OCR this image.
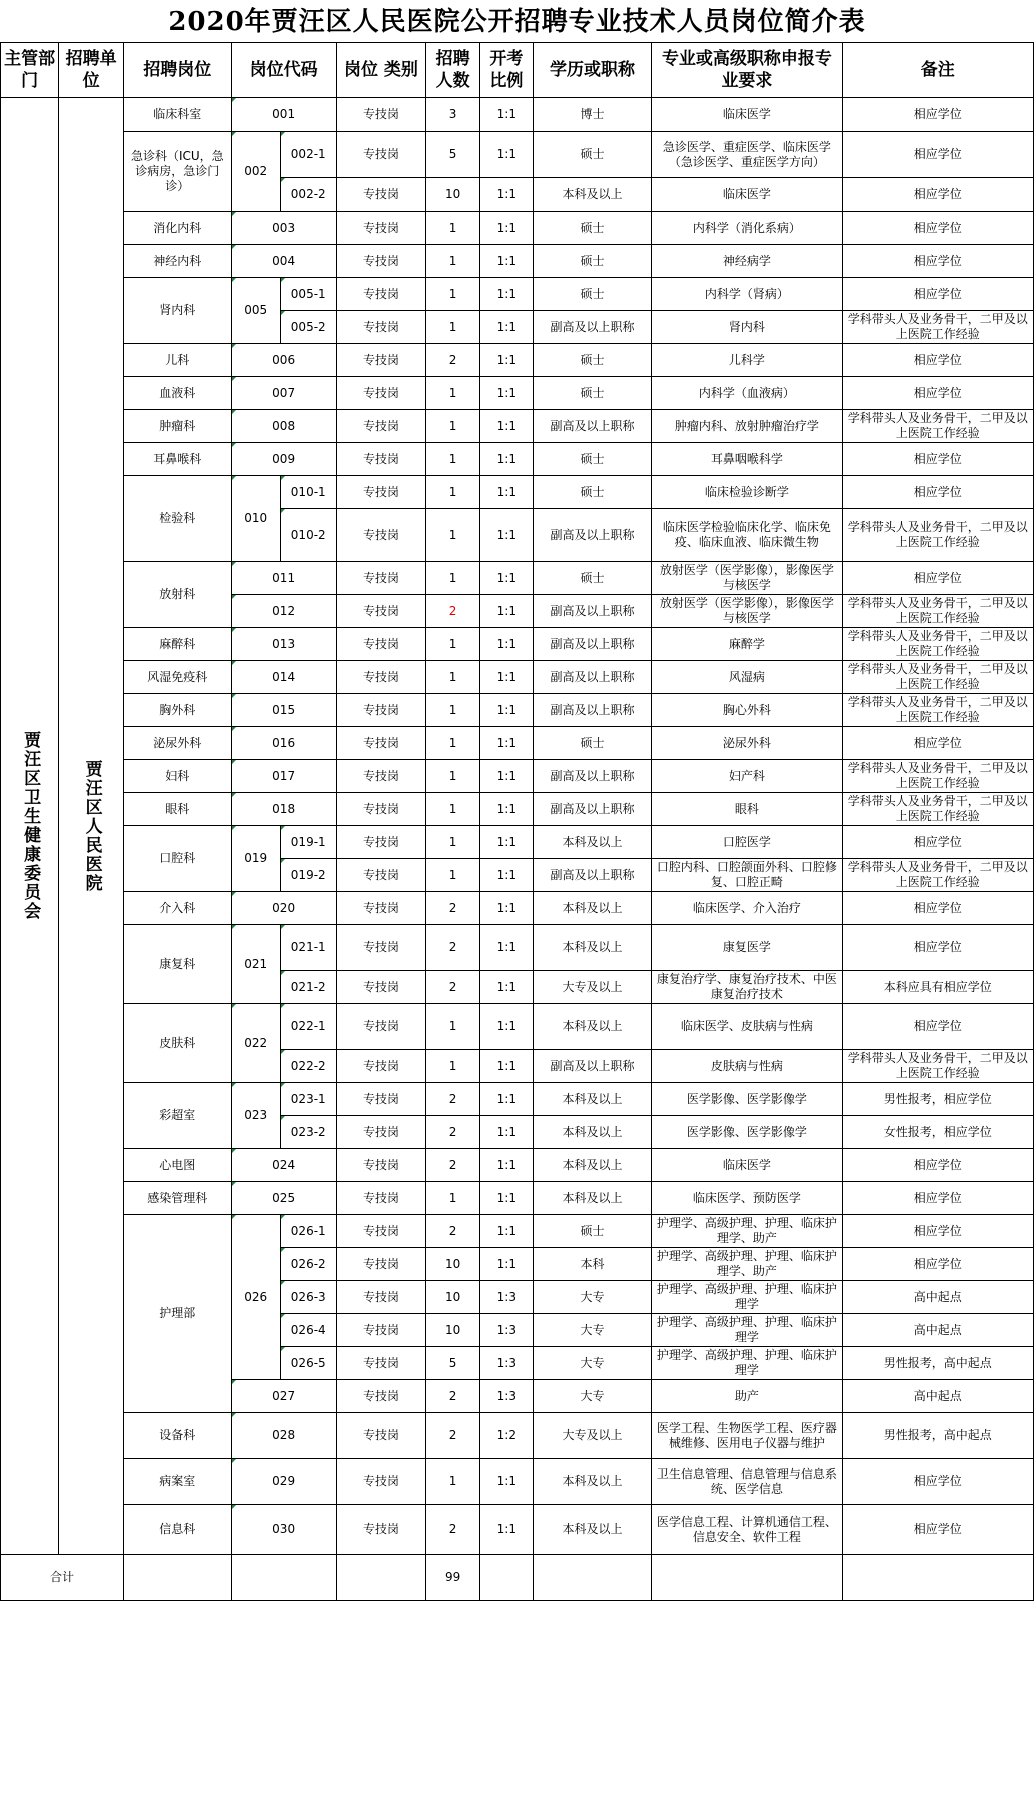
2020年贾汪区人民医院公开招聘专业技术人员岗位简介表
主管部门	招聘单位	招聘岗位	岗位代码		岗位 类别	招聘人数	开考比例	学历或职称	专业或高级职称申报专业要求	备注

贾汪区卫生健康委员会	贾汪区人民医院	临床科室	001		专技岗	3	1:1	博士	临床医学	相应学位
		急诊科（ICU，急诊病房，急诊门诊）	002	002-1	专技岗	5	1:1	硕士	急诊医学、重症医学、临床医学（急诊医学、重症医学方向）	相应学位
				002-2	专技岗	10	1:1	本科及以上	临床医学	相应学位
		消化内科	003		专技岗	1	1:1	硕士	内科学（消化系病）	相应学位
		神经内科	004		专技岗	1	1:1	硕士	神经病学	相应学位
		肾内科	005	005-1	专技岗	1	1:1	硕士	内科学（肾病）	相应学位
				005-2	专技岗	1	1:1	副高及以上职称	肾内科	学科带头人及业务骨干，二甲及以上医院工作经验
		儿科	006		专技岗	2	1:1	硕士	儿科学	相应学位
		血液科	007		专技岗	1	1:1	硕士	内科学（血液病）	相应学位
		肿瘤科	008		专技岗	1	1:1	副高及以上职称	肿瘤内科、放射肿瘤治疗学	学科带头人及业务骨干，二甲及以上医院工作经验
		耳鼻喉科	009		专技岗	1	1:1	硕士	耳鼻咽喉科学	相应学位
		检验科	010	010-1	专技岗	1	1:1	硕士	临床检验诊断学	相应学位
				010-2	专技岗	1	1:1	副高及以上职称	临床医学检验临床化学、临床免疫、临床血液、临床微生物	学科带头人及业务骨干，二甲及以上医院工作经验
		放射科	011		专技岗	1	1:1	硕士	放射医学（医学影像），影像医学与核医学	相应学位
			012		专技岗	2	1:1	副高及以上职称	放射医学（医学影像），影像医学与核医学	学科带头人及业务骨干，二甲及以上医院工作经验
		麻醉科	013		专技岗	1	1:1	副高及以上职称	麻醉学	学科带头人及业务骨干，二甲及以上医院工作经验
		风湿免疫科	014		专技岗	1	1:1	副高及以上职称	风湿病	学科带头人及业务骨干，二甲及以上医院工作经验
		胸外科	015		专技岗	1	1:1	副高及以上职称	胸心外科	学科带头人及业务骨干，二甲及以上医院工作经验
		泌尿外科	016		专技岗	1	1:1	硕士	泌尿外科	相应学位
		妇科	017		专技岗	1	1:1	副高及以上职称	妇产科	学科带头人及业务骨干，二甲及以上医院工作经验
		眼科	018		专技岗	1	1:1	副高及以上职称	眼科	学科带头人及业务骨干，二甲及以上医院工作经验
		口腔科	019	019-1	专技岗	1	1:1	本科及以上	口腔医学	相应学位
				019-2	专技岗	1	1:1	副高及以上职称	口腔内科、口腔颌面外科、口腔修复、口腔正畸	学科带头人及业务骨干，二甲及以上医院工作经验
		介入科	020		专技岗	2	1:1	本科及以上	临床医学、介入治疗	相应学位
		康复科	021	021-1	专技岗	2	1:1	本科及以上	康复医学	相应学位
				021-2	专技岗	2	1:1	大专及以上	康复治疗学、康复治疗技术、中医康复治疗技术	本科应具有相应学位
		皮肤科	022	022-1	专技岗	1	1:1	本科及以上	临床医学、皮肤病与性病	相应学位
				022-2	专技岗	1	1:1	副高及以上职称	皮肤病与性病	学科带头人及业务骨干，二甲及以上医院工作经验
		彩超室	023	023-1	专技岗	2	1:1	本科及以上	医学影像、医学影像学	男性报考，相应学位
				023-2	专技岗	2	1:1	本科及以上	医学影像、医学影像学	女性报考，相应学位
		心电图	024		专技岗	2	1:1	本科及以上	临床医学	相应学位
		感染管理科	025		专技岗	1	1:1	本科及以上	临床医学、预防医学	相应学位
		护理部	026	026-1	专技岗	2	1:1	硕士	护理学、高级护理、护理、临床护理学、助产	相应学位
				026-2	专技岗	10	1:1	本科	护理学、高级护理、护理、临床护理学、助产	相应学位
				026-3	专技岗	10	1:3	大专	护理学、高级护理、护理、临床护理学	高中起点
				026-4	专技岗	10	1:3	大专	护理学、高级护理、护理、临床护理学	高中起点
				026-5	专技岗	5	1:3	大专	护理学、高级护理、护理、临床护理学	男性报考，高中起点
			027		专技岗	2	1:3	大专	助产	高中起点
		设备科	028		专技岗	2	1:2	大专及以上	医学工程、生物医学工程、医疗器械维修、医用电子仪器与维护	男性报考，高中起点
		病案室	029		专技岗	1	1:1	本科及以上	卫生信息管理、信息管理与信息系统、医学信息	相应学位
		信息科	030		专技岗	2	1:1	本科及以上	医学信息工程、计算机通信工程、信息安全、软件工程	相应学位
合计						99				
